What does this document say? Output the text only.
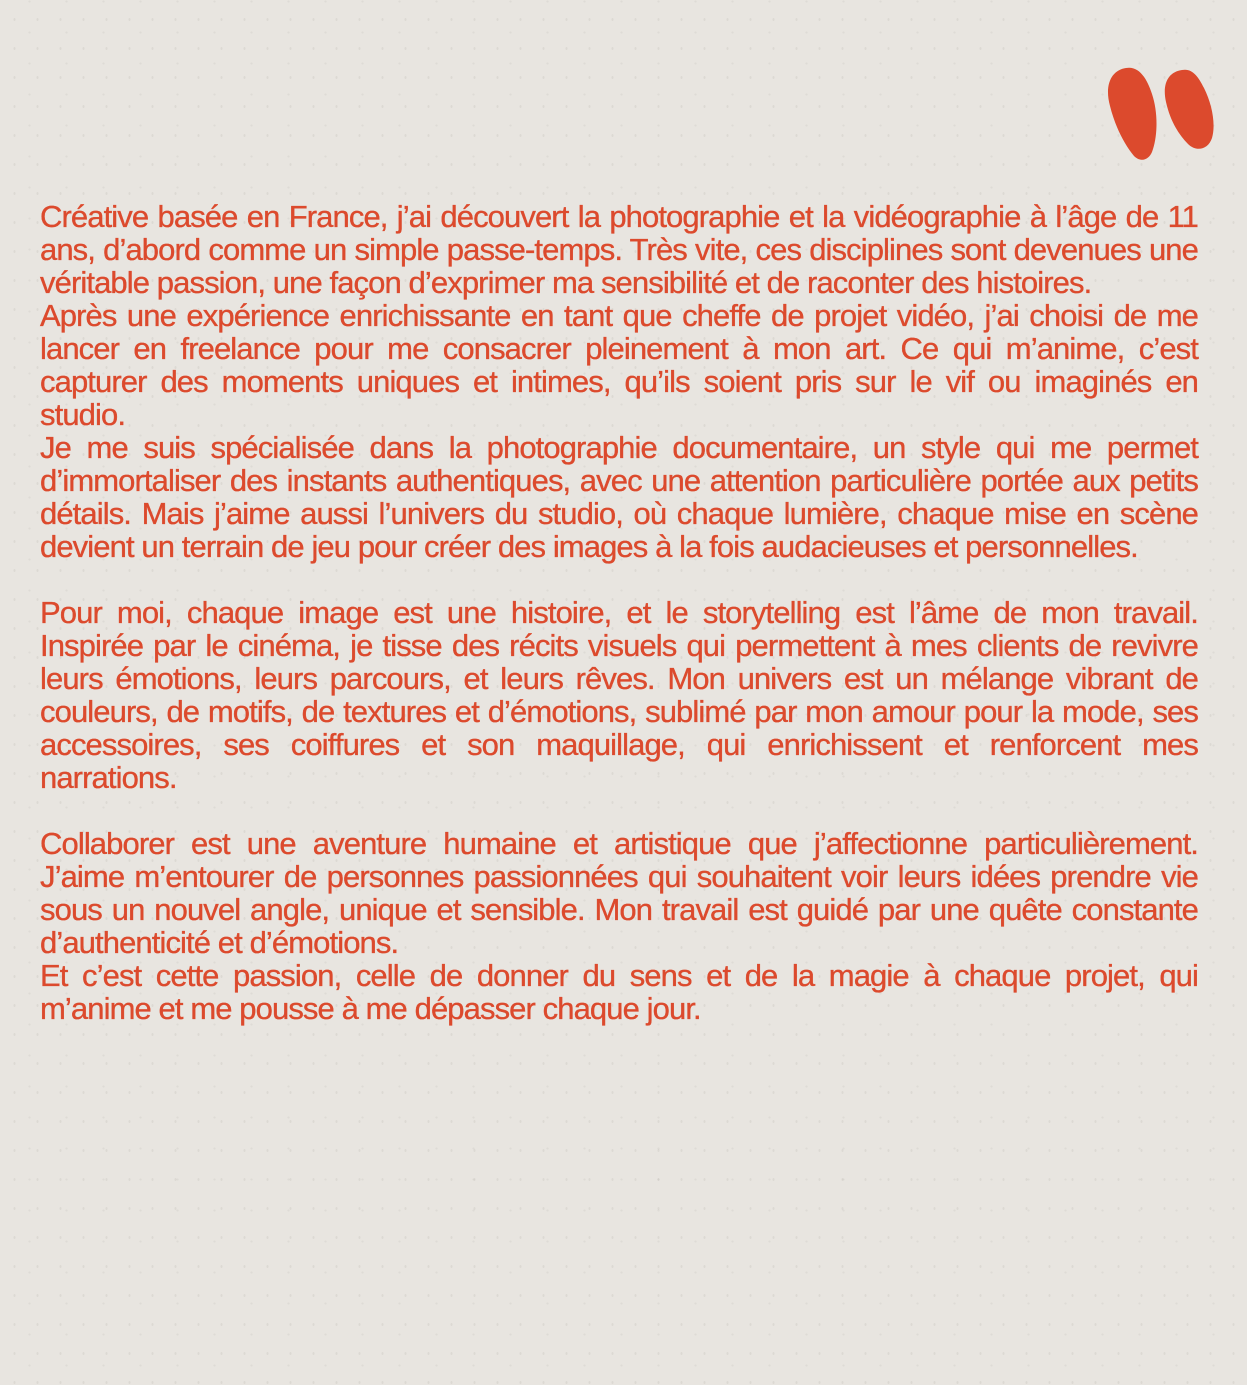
Créative basée en France, j’ai découvert la photographie et la vidéographie à l’âge de 11 ans, d’abord comme un simple passe-temps. Très vite, ces disciplines sont devenues une véritable passion, une façon d’exprimer ma sensibilité et de raconter des histoires.

Après une expérience enrichissante en tant que cheffe de projet vidéo, j’ai choisi de me lancer en freelance pour me consacrer pleinement à mon art. Ce qui m’anime, c’est capturer des moments uniques et intimes, qu’ils soient pris sur le vif ou imaginés en studio.

Je me suis spécialisée dans la photographie documentaire, un style qui me permet d’immortaliser des instants authentiques, avec une attention particulière portée aux petits détails. Mais j’aime aussi l’univers du studio, où chaque lumière, chaque mise en scène devient un terrain de jeu pour créer des images à la fois audacieuses et personnelles.

Pour moi, chaque image est une histoire, et le storytelling est l’âme de mon travail. Inspirée par le cinéma, je tisse des récits visuels qui permettent à mes clients de revivre leurs émotions, leurs parcours, et leurs rêves. Mon univers est un mélange vibrant de couleurs, de motifs, de textures et d’émotions, sublimé par mon amour pour la mode, ses accessoires, ses coiffures et son maquillage, qui enrichissent et renforcent mes narrations.

Collaborer est une aventure humaine et artistique que j’affectionne particulièrement. J’aime m’entourer de personnes passionnées qui souhaitent voir leurs idées prendre vie sous un nouvel angle, unique et sensible. Mon travail est guidé par une quête constante d’authenticité et d’émotions.

Et c’est cette passion, celle de donner du sens et de la magie à chaque projet, qui m’anime et me pousse à me dépasser chaque jour.
